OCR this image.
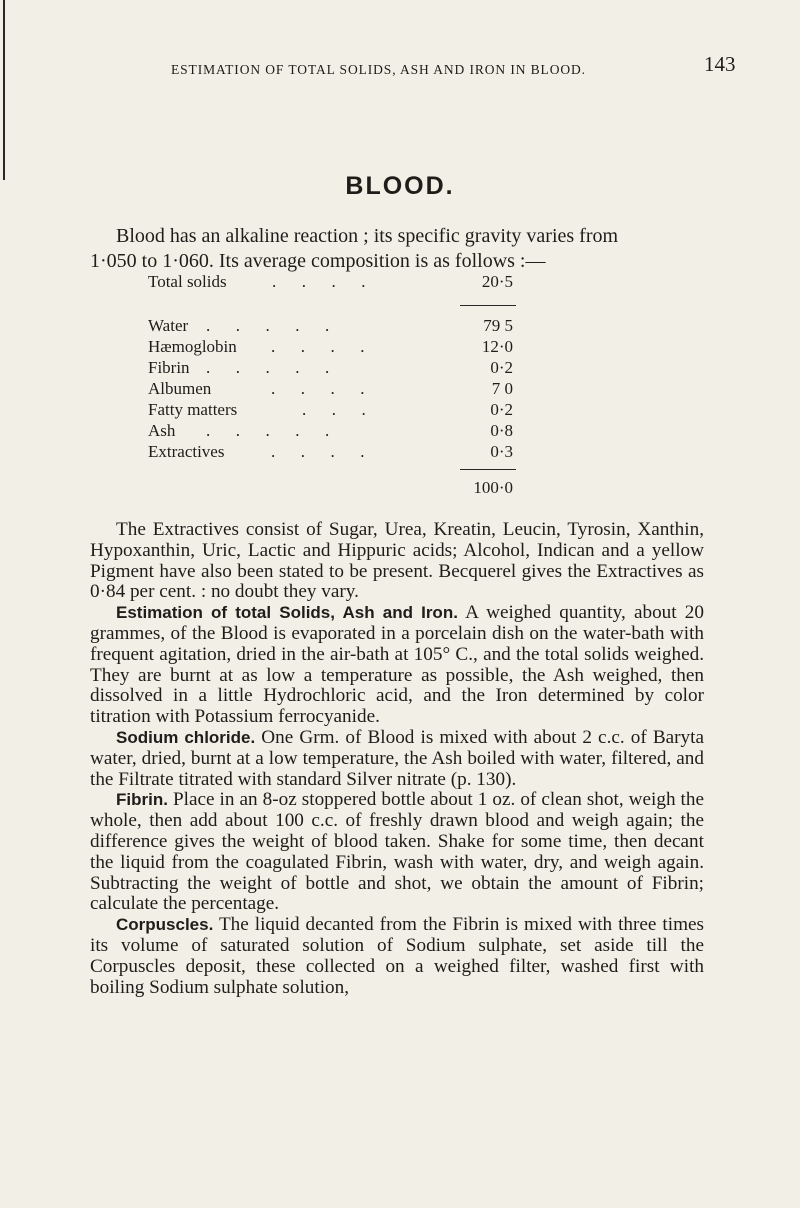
ESTIMATION OF TOTAL SOLIDS, ASH AND IRON IN BLOOD.	143
BLOOD.
Blood has an alkaline reaction ; its specific gravity varies from
1·050 to 1·060. Its average composition is as follows :—
Total solids	.      .      .      .	20·5
Water .      .      .      .      .	79 5
Hæmoglobin .      .      .      .	12·0
Fibrin .      .      .      .      .	0·2
Albumen	.      .      .      .	7 0
Fatty matters	.      .      .	0·2
Ash .      .      .      .      .	0·8
Extractives	.      .      .      .	0·3
100·0

The Extractives consist of Sugar, Urea, Kreatin, Leucin, Tyrosin, Xanthin, Hypoxanthin, Uric, Lactic and Hippuric acids; Alcohol, Indican and a yellow Pigment have also been stated to be present. Becquerel gives the Extractives as 0·84 per cent. : no doubt they vary.

Estimation of total Solids, Ash and Iron. A weighed quantity, about 20 grammes, of the Blood is evaporated in a porcelain dish on the water-bath with frequent agitation, dried in the air-bath at 105° C., and the total solids weighed. They are burnt at as low a temperature as possible, the Ash weighed, then dissolved in a little Hydrochloric acid, and the Iron determined by color titration with Potassium ferrocyanide.

Sodium chloride. One Grm. of Blood is mixed with about 2 c.c. of Baryta water, dried, burnt at a low temperature, the Ash boiled with water, filtered, and the Filtrate titrated with standard Silver nitrate (p. 130).

Fibrin. Place in an 8-oz stoppered bottle about 1 oz. of clean shot, weigh the whole, then add about 100 c.c. of freshly drawn blood and weigh again; the difference gives the weight of blood taken. Shake for some time, then decant the liquid from the coagulated Fibrin, wash with water, dry, and weigh again. Subtracting the weight of bottle and shot, we obtain the amount of Fibrin; calculate the percentage.

Corpuscles. The liquid decanted from the Fibrin is mixed with three times its volume of saturated solution of Sodium sulphate, set aside till the Corpuscles deposit, these collected on a weighed filter, washed first with boiling Sodium sulphate solution,
